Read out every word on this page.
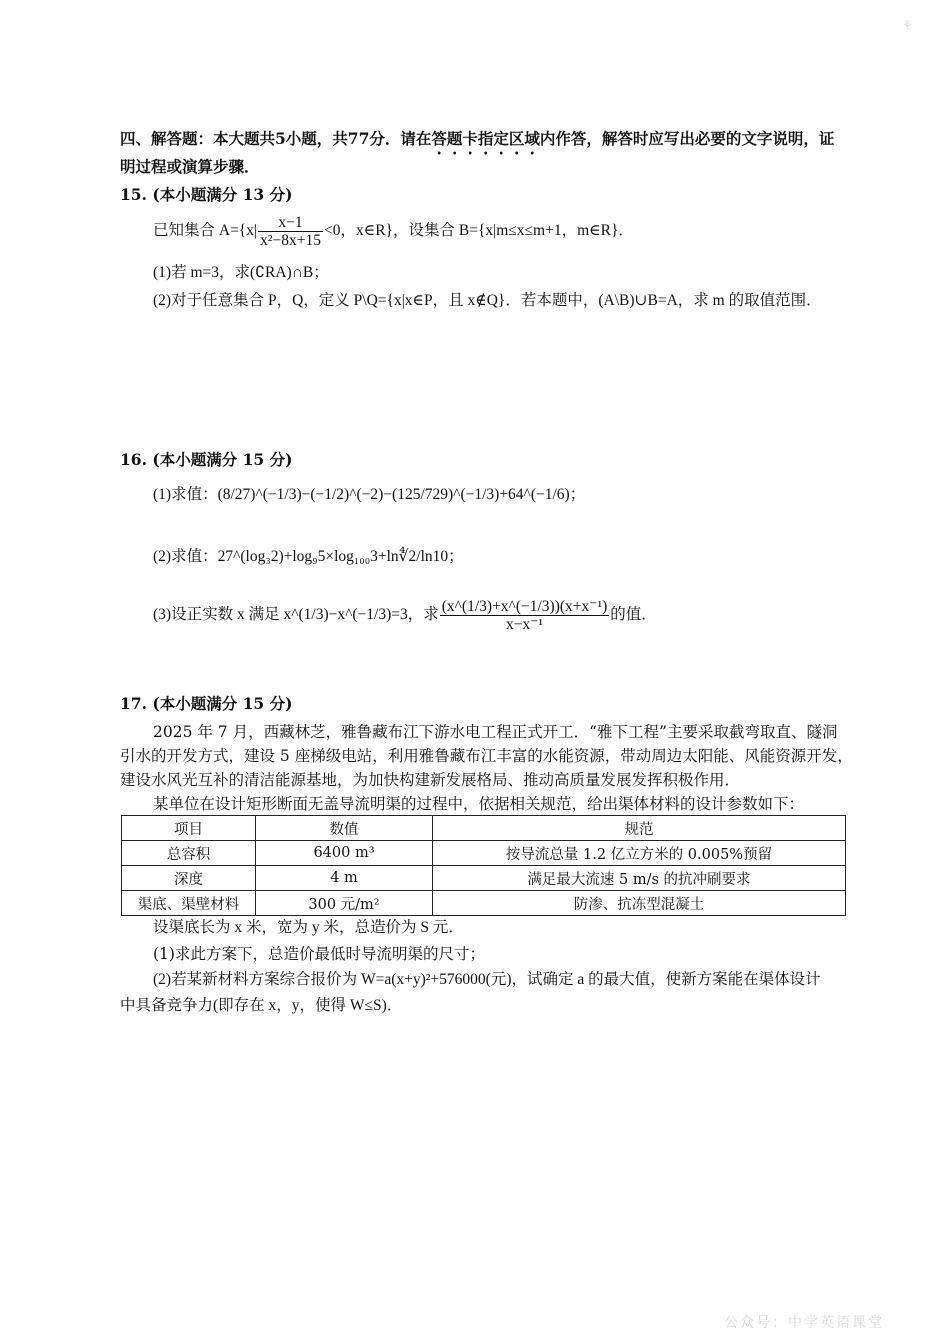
⚘
四、解答题：本大题共5小题，共77分．请在答题卡指定区域内作答，解答时应写出必要的文字说明，证
明过程或演算步骤．
15. (本小题满分 13 分)
已知集合 $A=\{x| \frac{x-1}{\text{x²−8x+15}} <0$，x∈R}，设集合 B={x|m≤x≤m+1，m∈R}．
(1)若 m=3，求(∁RA)∩B；
(2)对于任意集合 P，Q，定义 P\Q={x|x∈P，且 x∉Q}．若本题中，(A\B)∪B=A，求 m 的取值范围．
16. (本小题满分 15 分)
(1)求值：(8/27)^(−1/3)−(−1/2)^(−2)−(125/729)^(−1/3)+64^(−1/6)；
(2)求值：27^(log₃2)+log₉5×log₁₀₀3+ln∜2/ln10；
(3)设正实数 x 满足 x^(1/3)−x^(−1/3)=3，求 $\frac{\text{(x\textasciicircum{}(1/3)+x\textasciicircum{}(−1/3))(x+x⁻¹)}}{\text{x−x⁻¹}}$ 的值．
17. (本小题满分 15 分)
2025 年 7 月，西藏林芝，雅鲁藏布江下游水电工程正式开工．“雅下工程”主要采取截弯取直、隧洞
引水的开发方式，建设 5 座梯级电站，利用雅鲁藏布江丰富的水能资源，带动周边太阳能、风能资源开发，
建设水风光互补的清洁能源基地，为加快构建新发展格局、推动高质量发展发挥积极作用．
某单位在设计矩形断面无盖导流明渠的过程中，依据相关规范，给出渠体材料的设计参数如下：
项目	数值	规范
总容积	6400 m³	按导流总量 1.2 亿立方米的 0.005%预留
深度	4 m	满足最大流速 5 m/s 的抗冲刷要求
渠底、渠壁材料	300 元/m²	防渗、抗冻型混凝土
设渠底长为 x 米，宽为 y 米，总造价为 S 元．
(1)求此方案下，总造价最低时导流明渠的尺寸；
(2)若某新材料方案综合报价为 W=a(x+y)²+576000(元)，试确定 a 的最大值，使新方案能在渠体设计
中具备竞争力(即存在 x，y，使得 W≤S)．
公众号：中学英语课堂
